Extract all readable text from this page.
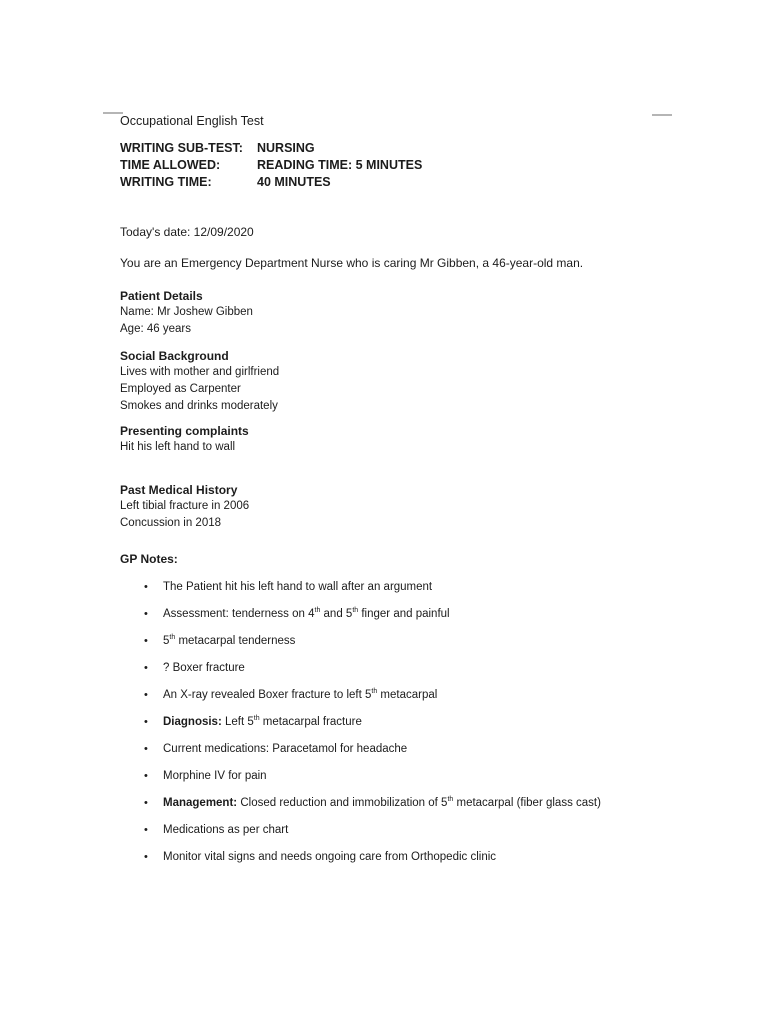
Occupational English Test
WRITING SUB-TEST:	NURSING
TIME ALLOWED:	READING TIME: 5 MINUTES
WRITING TIME:	40 MINUTES
Today's date: 12/09/2020
You are an Emergency Department Nurse who is caring Mr Gibben, a 46-year-old man.
Patient Details
Name: Mr Joshew Gibben
Age: 46 years
Social Background
Lives with mother and girlfriend
Employed as Carpenter
Smokes and drinks moderately
Presenting complaints
Hit his left hand to wall
Past Medical History
Left tibial fracture in 2006
Concussion in 2018
GP Notes:
• The Patient hit his left hand to wall after an argument
• Assessment: tenderness on 4th and 5th finger and painful
• 5th metacarpal tenderness
• ? Boxer fracture
• An X-ray revealed Boxer fracture to left 5th metacarpal
• Diagnosis: Left 5th metacarpal fracture
• Current medications: Paracetamol for headache
• Morphine IV for pain
• Management: Closed reduction and immobilization of 5th metacarpal (fiber glass cast)
• Medications as per chart
• Monitor vital signs and needs ongoing care from Orthopedic clinic
